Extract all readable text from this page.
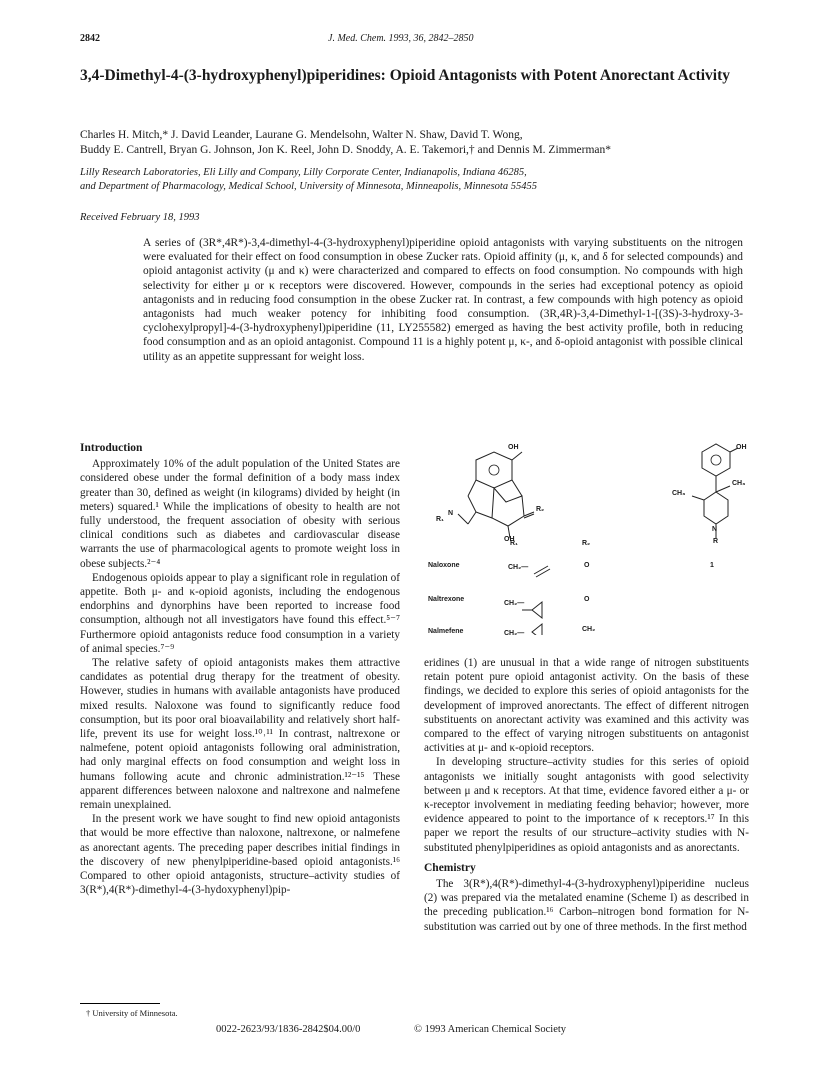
2842	J. Med. Chem. 1993, 36, 2842–2850
3,4-Dimethyl-4-(3-hydroxyphenyl)piperidines: Opioid Antagonists with Potent Anorectant Activity
Charles H. Mitch,* J. David Leander, Laurane G. Mendelsohn, Walter N. Shaw, David T. Wong,
Buddy E. Cantrell, Bryan G. Johnson, Jon K. Reel, John D. Snoddy, A. E. Takemori,† and Dennis M. Zimmerman*
Lilly Research Laboratories, Eli Lilly and Company, Lilly Corporate Center, Indianapolis, Indiana 46285,
and Department of Pharmacology, Medical School, University of Minnesota, Minneapolis, Minnesota 55455
Received February 18, 1993
A series of (3R*,4R*)-3,4-dimethyl-4-(3-hydroxyphenyl)piperidine opioid antagonists with varying substituents on the nitrogen were evaluated for their effect on food consumption in obese Zucker rats. Opioid affinity (μ, κ, and δ for selected compounds) and opioid antagonist activity (μ and κ) were characterized and compared to effects on food consumption. No compounds with high selectivity for either μ or κ receptors were discovered. However, compounds in the series had exceptional potency as opioid antagonists and in reducing food consumption in the obese Zucker rat. In contrast, a few compounds with high potency as opioid antagonists had much weaker potency for inhibiting food consumption. (3R,4R)-3,4-Dimethyl-1-[(3S)-3-hydroxy-3-cyclohexylpropyl]-4-(3-hydroxyphenyl)piperidine (11, LY255582) emerged as having the best activity profile, both in reducing food consumption and as an opioid antagonist. Compound 11 is a highly potent μ, κ-, and δ-opioid antagonist with possible clinical utility as an appetite suppressant for weight loss.
Introduction

Approximately 10% of the adult population of the United States are considered obese under the formal definition of a body mass index greater than 30, defined as weight (in kilograms) divided by height (in meters) squared.¹ While the implications of obesity to health are not fully understood, the frequent association of obesity with serious clinical conditions such as diabetes and cardiovascular disease warrants the use of pharmacological agents to promote weight loss in obese subjects.²⁻⁴

Endogenous opioids appear to play a significant role in regulation of appetite. Both μ- and κ-opioid agonists, including the endogenous endorphins and dynorphins have been reported to increase food consumption, although not all investigators have found this effect.⁵⁻⁷ Furthermore opioid antagonists reduce food consumption in a variety of animal species.⁷⁻⁹

The relative safety of opioid antagonists makes them attractive candidates as potential drug therapy for the treatment of obesity. However, studies in humans with available antagonists have produced mixed results. Naloxone was found to significantly reduce food consumption, but its poor oral bioavailability and relatively short half-life, prevent its use for weight loss.¹⁰˒¹¹ In contrast, naltrexone or nalmefene, potent opioid antagonists following oral administration, had only marginal effects on food consumption and weight loss in humans following acute and chronic administration.¹²⁻¹⁵ These apparent differences between naloxone and naltrexone and nalmefene remain unexplained.

In the present work we have sought to find new opioid antagonists that would be more effective than naloxone, naltrexone, or nalmefene as anorectant agents. The preceding paper describes initial findings in the discovery of new phenylpiperidine-based opioid antagonists.¹⁶ Compared to other opioid antagonists, structure–activity studies of 3(R*),4(R*)-dimethyl-4-(3-hydoxyphenyl)pip-

† University of Minnesota.
OH
R₂
N
R₁
OH
OH
CH₃
CH₃
N
R
R₁	R₂
1
Naloxone	CH₂—	O
Naltrexone
CH₂—
O
Nalmefene	CH₂—
CH₂

eridines (1) are unusual in that a wide range of nitrogen substituents retain potent pure opioid antagonist activity. On the basis of these findings, we decided to explore this series of opioid antagonists for the development of improved anorectants. The effect of different nitrogen substituents on anorectant activity was examined and this activity was compared to the effect of varying nitrogen substituents on antagonist activities at μ- and κ-opioid receptors.

In developing structure–activity studies for this series of opioid antagonists we initially sought antagonists with good selectivity between μ and κ receptors. At that time, evidence favored either a μ- or κ-receptor involvement in mediating feeding behavior; however, more evidence appeared to point to the importance of κ receptors.¹⁷ In this paper we report the results of our structure–activity studies with N-substituted phenylpiperidines as opioid antagonists and as anorectants.

Chemistry

The 3(R*),4(R*)-dimethyl-4-(3-hydroxyphenyl)piperidine nucleus (2) was prepared via the metalated enamine (Scheme I) as described in the preceding publication.¹⁶ Carbon–nitrogen bond formation for N-substitution was carried out by one of three methods. In the first method

0022-2623/93/1836-2842$04.00/0	© 1993 American Chemical Society
